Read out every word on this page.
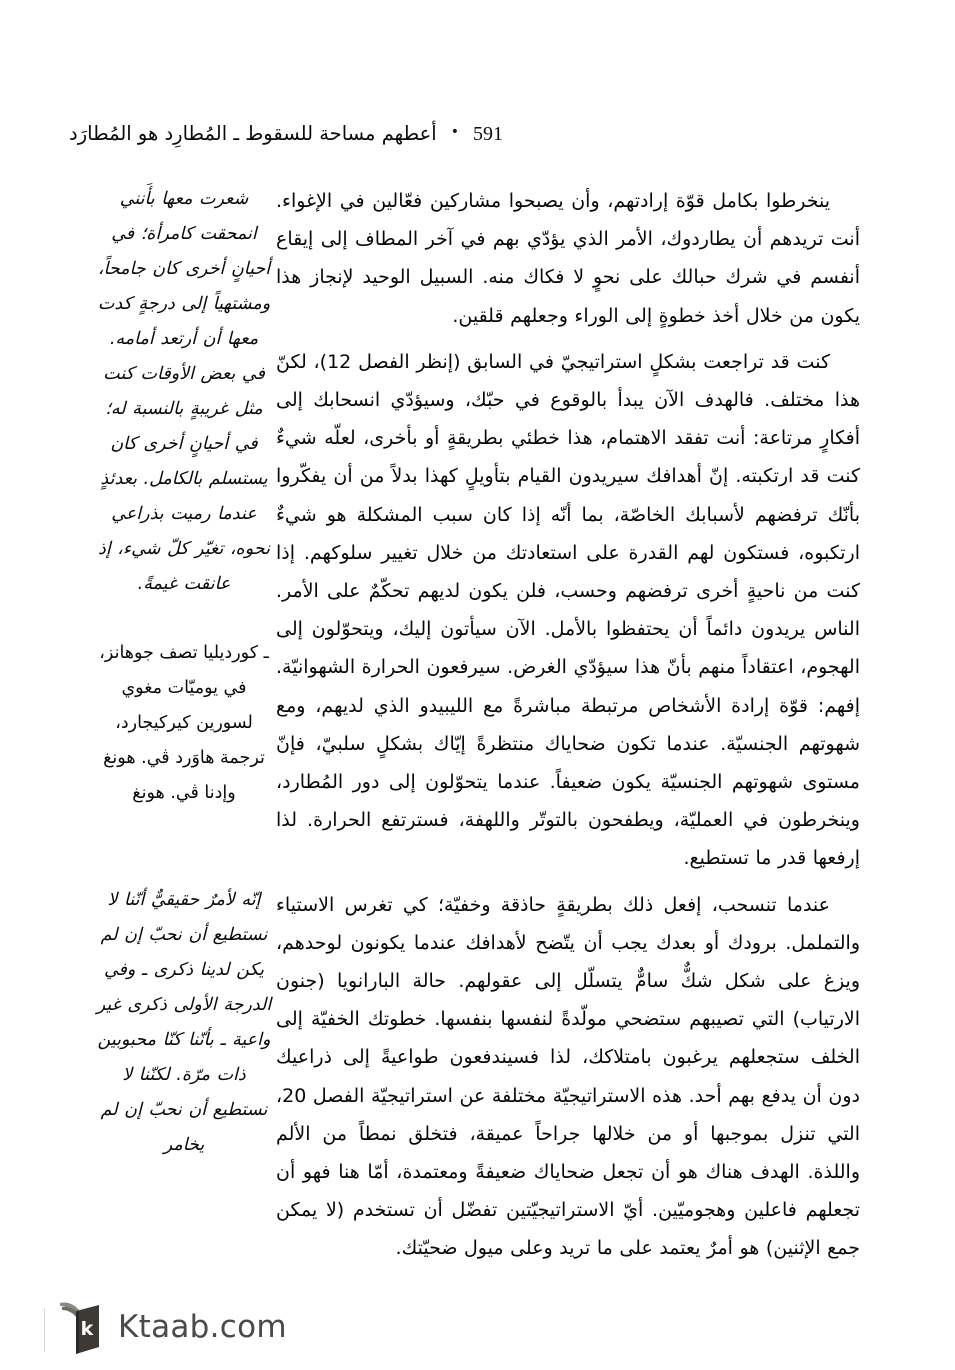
591
•
أعطهم مساحة للسقوط ـ المُطارِد هو المُطارَد

ينخرطوا بكامل قوّة إرادتهم، وأن يصبحوا مشاركين فعّالين في الإغواء. أنت تريدهم أن يطاردوك، الأمر الذي يؤدّي بهم في آخر المطاف إلى إيقاع أنفسم في شرك حبالك على نحوٍ لا فكاك منه. السبيل الوحيد لإنجاز هذا يكون من خلال أخذ خطوةٍ إلى الوراء وجعلهم قلقين.

كنت قد تراجعت بشكلٍ استراتيجيّ في السابق (إنظر الفصل 12)، لكنّ هذا مختلف. فالهدف الآن يبدأ بالوقوع في حبّك، وسيؤدّي انسحابك إلى أفكارٍ مرتاعة: أنت تفقد الاهتمام، هذا خطئي بطريقةٍ أو بأخرى، لعلّه شيءٌ كنت قد ارتكبته. إنّ أهدافك سيريدون القيام بتأويلٍ كهذا بدلاً من أن يفكّروا بأنّك ترفضهم لأسبابك الخاصّة، بما أنّه إذا كان سبب المشكلة هو شيءٌ ارتكبوه، فستكون لهم القدرة على استعادتك من خلال تغيير سلوكهم. إذا كنت من ناحيةٍ أخرى ترفضهم وحسب، فلن يكون لديهم تحكّمٌ على الأمر. الناس يريدون دائماً أن يحتفظوا بالأمل. الآن سيأتون إليك، ويتحوّلون إلى الهجوم، اعتقاداً منهم بأنّ هذا سيؤدّي الغرض. سيرفعون الحرارة الشهوانيّة. إفهم: قوّة إرادة الأشخاص مرتبطة مباشرةً مع الليبيدو الذي لديهم، ومع شهوتهم الجنسيّة. عندما تكون ضحاياك منتظرةً إيّاك بشكلٍ سلبيّ، فإنّ مستوى شهوتهم الجنسيّة يكون ضعيفاً. عندما يتحوّلون إلى دور المُطارد، وينخرطون في العمليّة، ويطفحون بالتوتّر واللهفة، فسترتفع الحرارة. لذا إرفعها قدر ما تستطيع.

عندما تنسحب، إفعل ذلك بطريقةٍ حاذقة وخفيّة؛ كي تغرس الاستياء والتململ. برودك أو بعدك يجب أن يتّضح لأهدافك عندما يكونون لوحدهم، ويزغ على شكل شكٌّ سامٌّ يتسلّل إلى عقولهم. حالة البارانويا (جنون الارتياب) التي تصيبهم ستضحي مولّدةً لنفسها بنفسها. خطوتك الخفيّة إلى الخلف ستجعلهم يرغبون بامتلاكك، لذا فسيندفعون طواعيةً إلى ذراعيك دون أن يدفع بهم أحد. هذه الاستراتيجيّة مختلفة عن استراتيجيّة الفصل 20، التي تنزل بموجبها أو من خلالها جراحاً عميقة، فتخلق نمطاً من الألم واللذة. الهدف هناك هو أن تجعل ضحاياك ضعيفةً ومعتمدة، أمّا هنا فهو أن تجعلهم فاعلين وهجوميّين. أيّ الاستراتيجيّتين تفضّل أن تستخدم (لا يمكن جمع الإثنين) هو أمرٌ يعتمد على ما تريد وعلى ميول ضحيّتك.

شعرت معها بأَنني انمحقت كامرأة؛ في أحيانٍ أخرى كان جامحاً، ومشتهياً إلى درجةٍ كدت معها أن أرتعد أمامه. في بعض الأوقات كنت مثل غريبةٍ بالنسبة له؛ في أحيانٍ أخرى كان يستسلم بالكامل. بعدئذٍ عندما رميت بذراعي نحوه، تغيّر كلّ شيء، إذ عانقت غيمةً.

ـ كورديليا تصف جوهانز، في يوميّات مغوي لسورين كيركيجارد، ترجمة هاوَرد ڤي. هونغ وإدنا ڤي. هونغ

إنّه لأمرٌ حقيقيٌّ أنّنا لا نستطيع أن نحبّ إن لم يكن لدينا ذكرى ـ وفي الدرجة الأولى ذكرى غير واعية ـ بأنّنا كنّا محبوبين ذات مرّة. لكنّنا لا نستطيع أن نحبّ إن لم يخامر

k Ktaab.com
